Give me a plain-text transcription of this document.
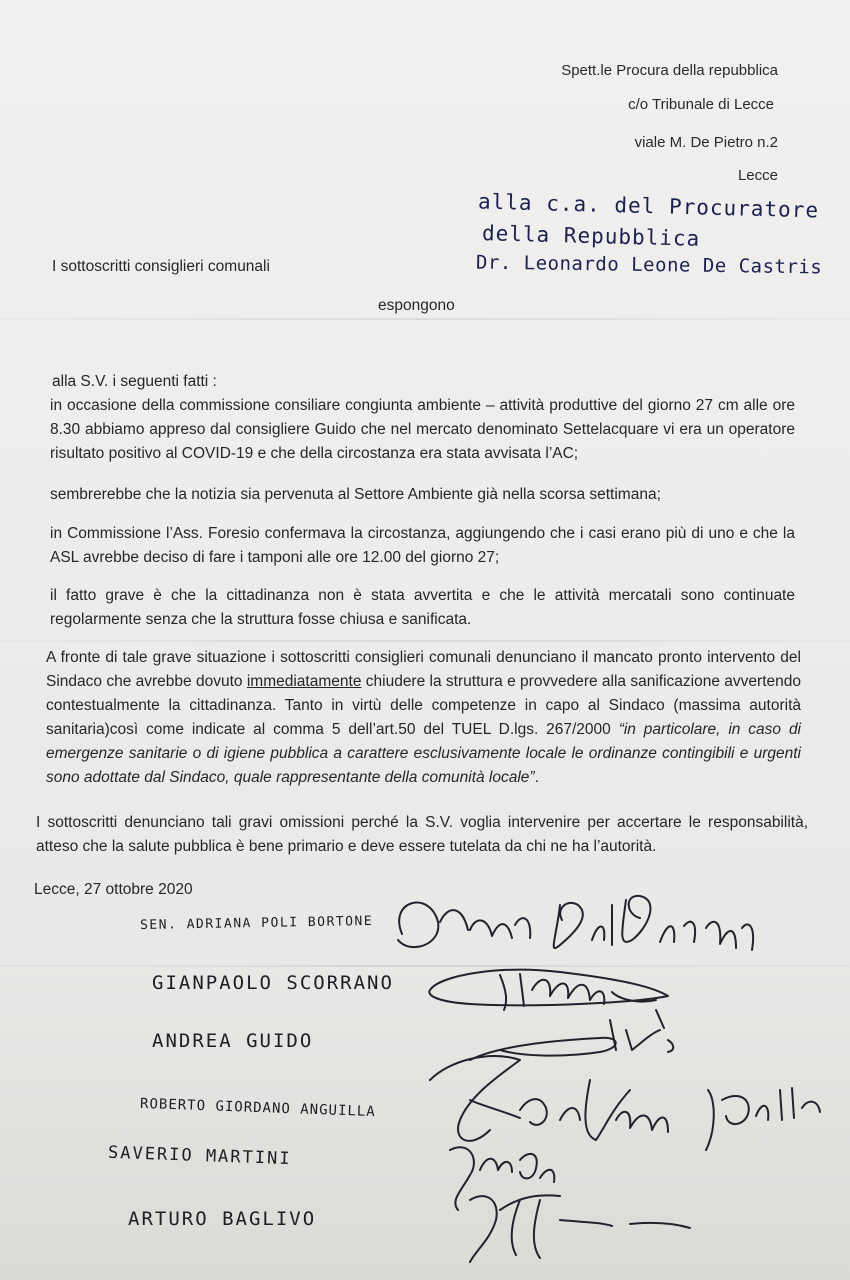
Spett.le Procura della repubblica
c/o Tribunale di Lecce
viale M. De Pietro n.2
Lecce
alla c.a. del Procuratore
della Repubblica
Dr. Leonardo Leone De Castris
I sottoscritti consiglieri comunali
espongono
alla S.V. i seguenti fatti :
in occasione della commissione consiliare congiunta ambiente – attività produttive del giorno 27 cm alle ore 8.30 abbiamo appreso dal consigliere Guido che nel mercato denominato Settelacquare vi era un operatore risultato positivo al COVID-19 e che della circostanza era stata avvisata l’AC;
sembrerebbe che la notizia sia pervenuta al Settore Ambiente già nella scorsa settimana;
in Commissione l’Ass. Foresio confermava la circostanza, aggiungendo che i casi erano più di uno e che la ASL avrebbe deciso di fare i tamponi alle ore 12.00 del giorno 27;
il fatto grave è che la cittadinanza non è stata avvertita e che le attività mercatali sono continuate regolarmente senza che la struttura fosse chiusa e sanificata.
A fronte di tale grave situazione i sottoscritti consiglieri comunali denunciano il mancato pronto intervento del Sindaco che avrebbe dovuto immediatamente chiudere la struttura e provvedere alla sanificazione avvertendo contestualmente la cittadinanza. Tanto in virtù delle competenze in capo al Sindaco (massima autorità sanitaria)così come indicate al comma 5 dell’art.50 del TUEL D.lgs. 267/2000 “in particolare, in caso di emergenze sanitarie o di igiene pubblica a carattere esclusivamente locale le ordinanze contingibili e urgenti sono adottate dal Sindaco, quale rappresentante della comunità locale”.
I sottoscritti denunciano tali gravi omissioni perché la S.V. voglia intervenire per accertare le responsabilità, atteso che la salute pubblica è bene primario e deve essere tutelata da chi ne ha l’autorità.
Lecce, 27 ottobre 2020
SEN. ADRIANA POLI BORTONE
GIANPAOLO SCORRANO
ANDREA GUIDO
ROBERTO GIORDANO ANGUILLA
SAVERIO MARTINI
ARTURO BAGLIVO
